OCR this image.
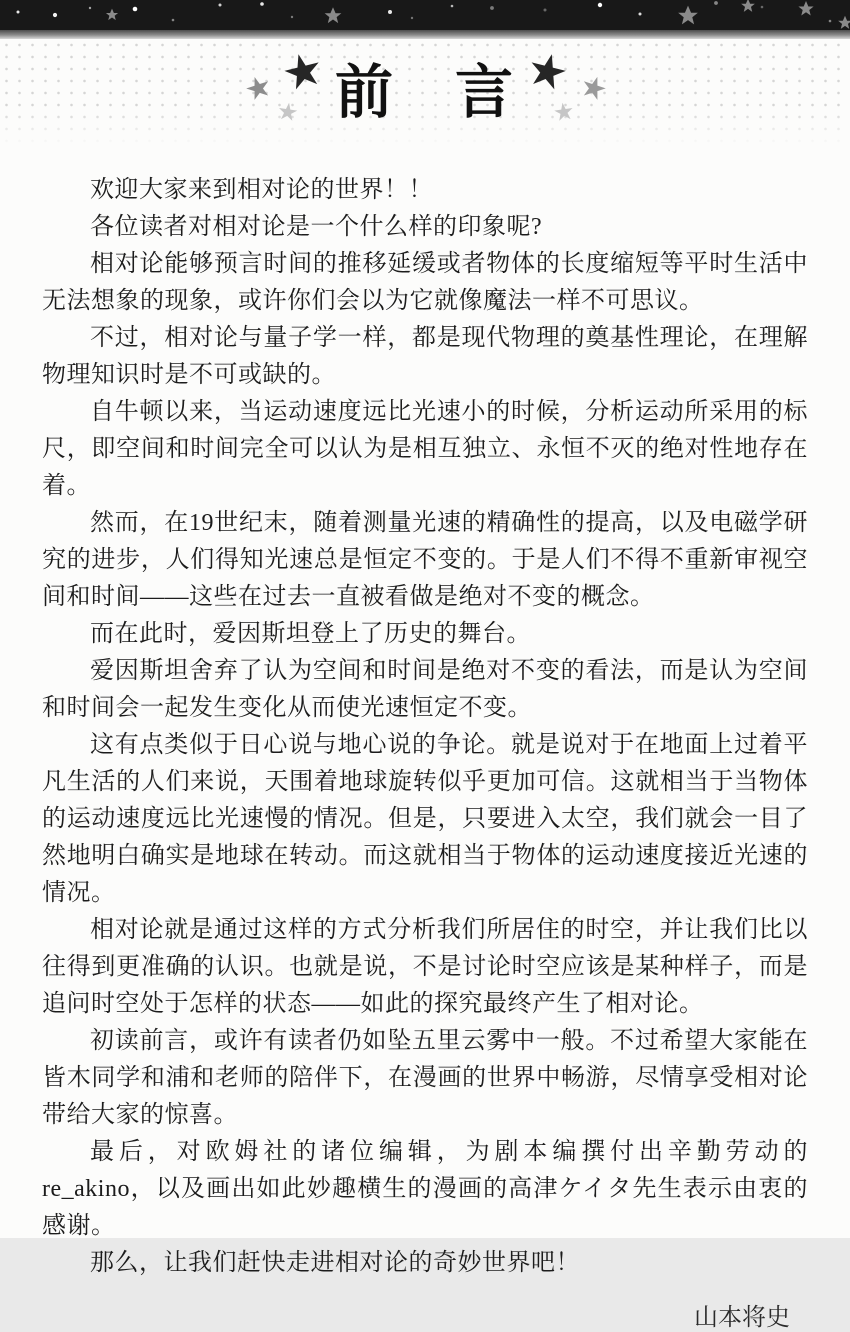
★
★
★ 前　言 ★ ★
★

欢迎大家来到相对论的世界！！

各位读者对相对论是一个什么样的印象呢?

相对论能够预言时间的推移延缓或者物体的长度缩短等平时生活中无法想象的现象，或许你们会以为它就像魔法一样不可思议。

不过，相对论与量子学一样，都是现代物理的奠基性理论，在理解物理知识时是不可或缺的。

自牛顿以来，当运动速度远比光速小的时候，分析运动所采用的标尺，即空间和时间完全可以认为是相互独立、永恒不灭的绝对性地存在着。

然而，在19世纪末，随着测量光速的精确性的提高，以及电磁学研究的进步，人们得知光速总是恒定不变的。于是人们不得不重新审视空间和时间——这些在过去一直被看做是绝对不变的概念。

而在此时，爱因斯坦登上了历史的舞台。

爱因斯坦舍弃了认为空间和时间是绝对不变的看法，而是认为空间和时间会一起发生变化从而使光速恒定不变。

这有点类似于日心说与地心说的争论。就是说对于在地面上过着平凡生活的人们来说，天围着地球旋转似乎更加可信。这就相当于当物体的运动速度远比光速慢的情况。但是，只要进入太空，我们就会一目了然地明白确实是地球在转动。而这就相当于物体的运动速度接近光速的情况。

相对论就是通过这样的方式分析我们所居住的时空，并让我们比以往得到更准确的认识。也就是说，不是讨论时空应该是某种样子，而是追问时空处于怎样的状态——如此的探究最终产生了相对论。

初读前言，或许有读者仍如坠五里云雾中一般。不过希望大家能在皆木同学和浦和老师的陪伴下，在漫画的世界中畅游，尽情享受相对论带给大家的惊喜。

最后，对欧姆社的诸位编辑，为剧本编撰付出辛勤劳动的 re_akino，以及画出如此妙趣横生的漫画的高津ケイタ先生表示由衷的感谢。

那么，让我们赶快走进相对论的奇妙世界吧！

山本将史
